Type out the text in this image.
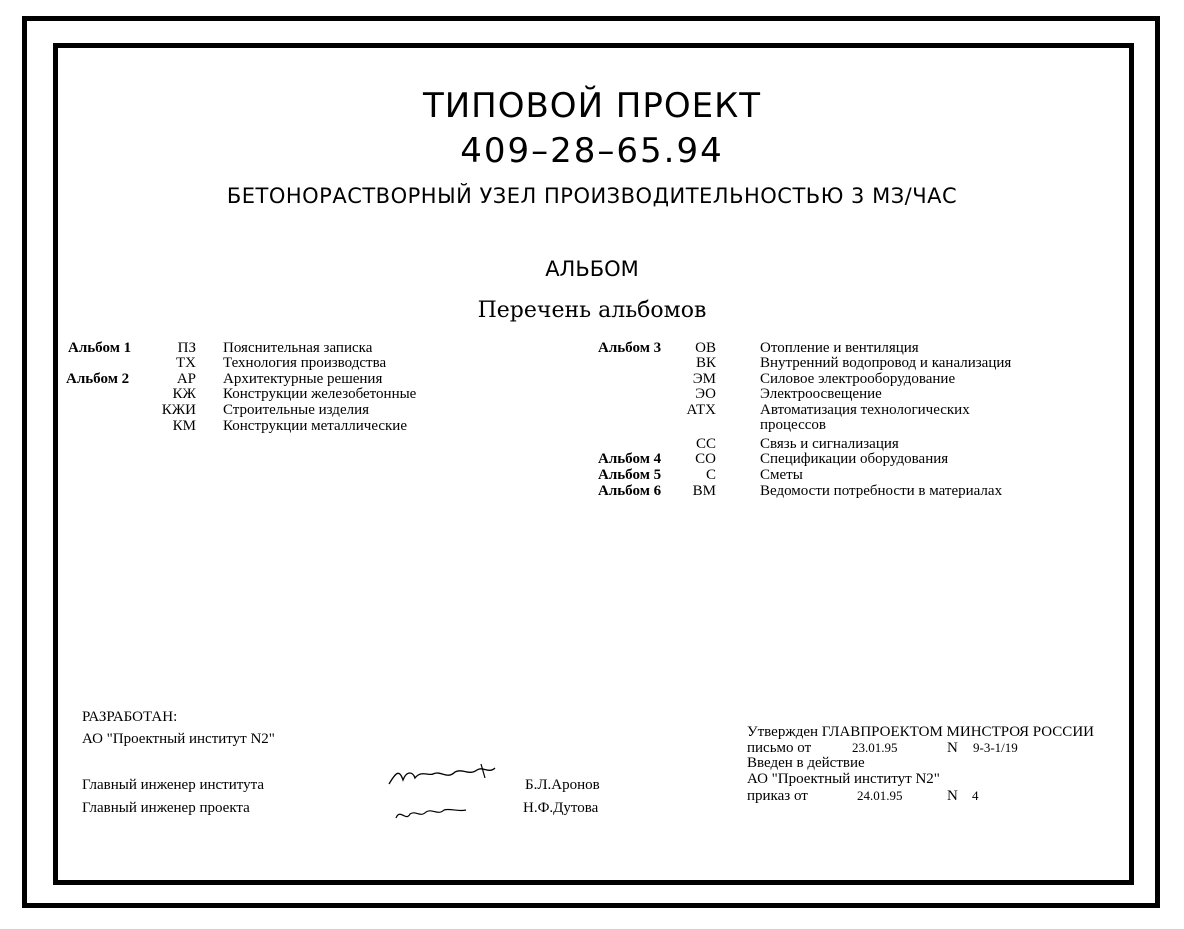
ТИПОВОЙ ПРОЕКТ
409–28–65.94
БЕТОНОРАСТВОРНЫЙ УЗЕЛ ПРОИЗВОДИТЕЛЬНОСТЬЮ 3 МЗ/ЧАС
АЛЬБОМ
Перечень альбомов
Альбом 1	ПЗ Пояснительная записка
ТХ Технология производства
Альбом 2	АР Архитектурные решения
КЖ Конструкции железобетонные
КЖИ Строительные изделия
КМ Конструкции металлические
Альбом 3	ОВ	Отопление и вентиляция
ВК	Внутренний водопровод и канализация
ЭМ	Силовое электрооборудование
ЭО	Электроосвещение
АТХ	Автоматизация технологических
процессов
СС	Связь и сигнализация
Альбом 4	СО	Спецификации оборудования
Альбом 5	С	Сметы
Альбом 6	ВМ	Ведомости потребности в материалах
РАЗРАБОТАН:
АО "Проектный институт N2"
Главный инженер института	Б.Л.Аронов
Главный инженер проекта	Н.Ф.Дутова
Утвержден ГЛАВПРОЕКТОМ МИНСТРОЯ РОССИИ
письмо от	23.01.95	N 9-3-1/19
Введен в действие
АО "Проектный институт N2"
приказ от	24.01.95	N 4
